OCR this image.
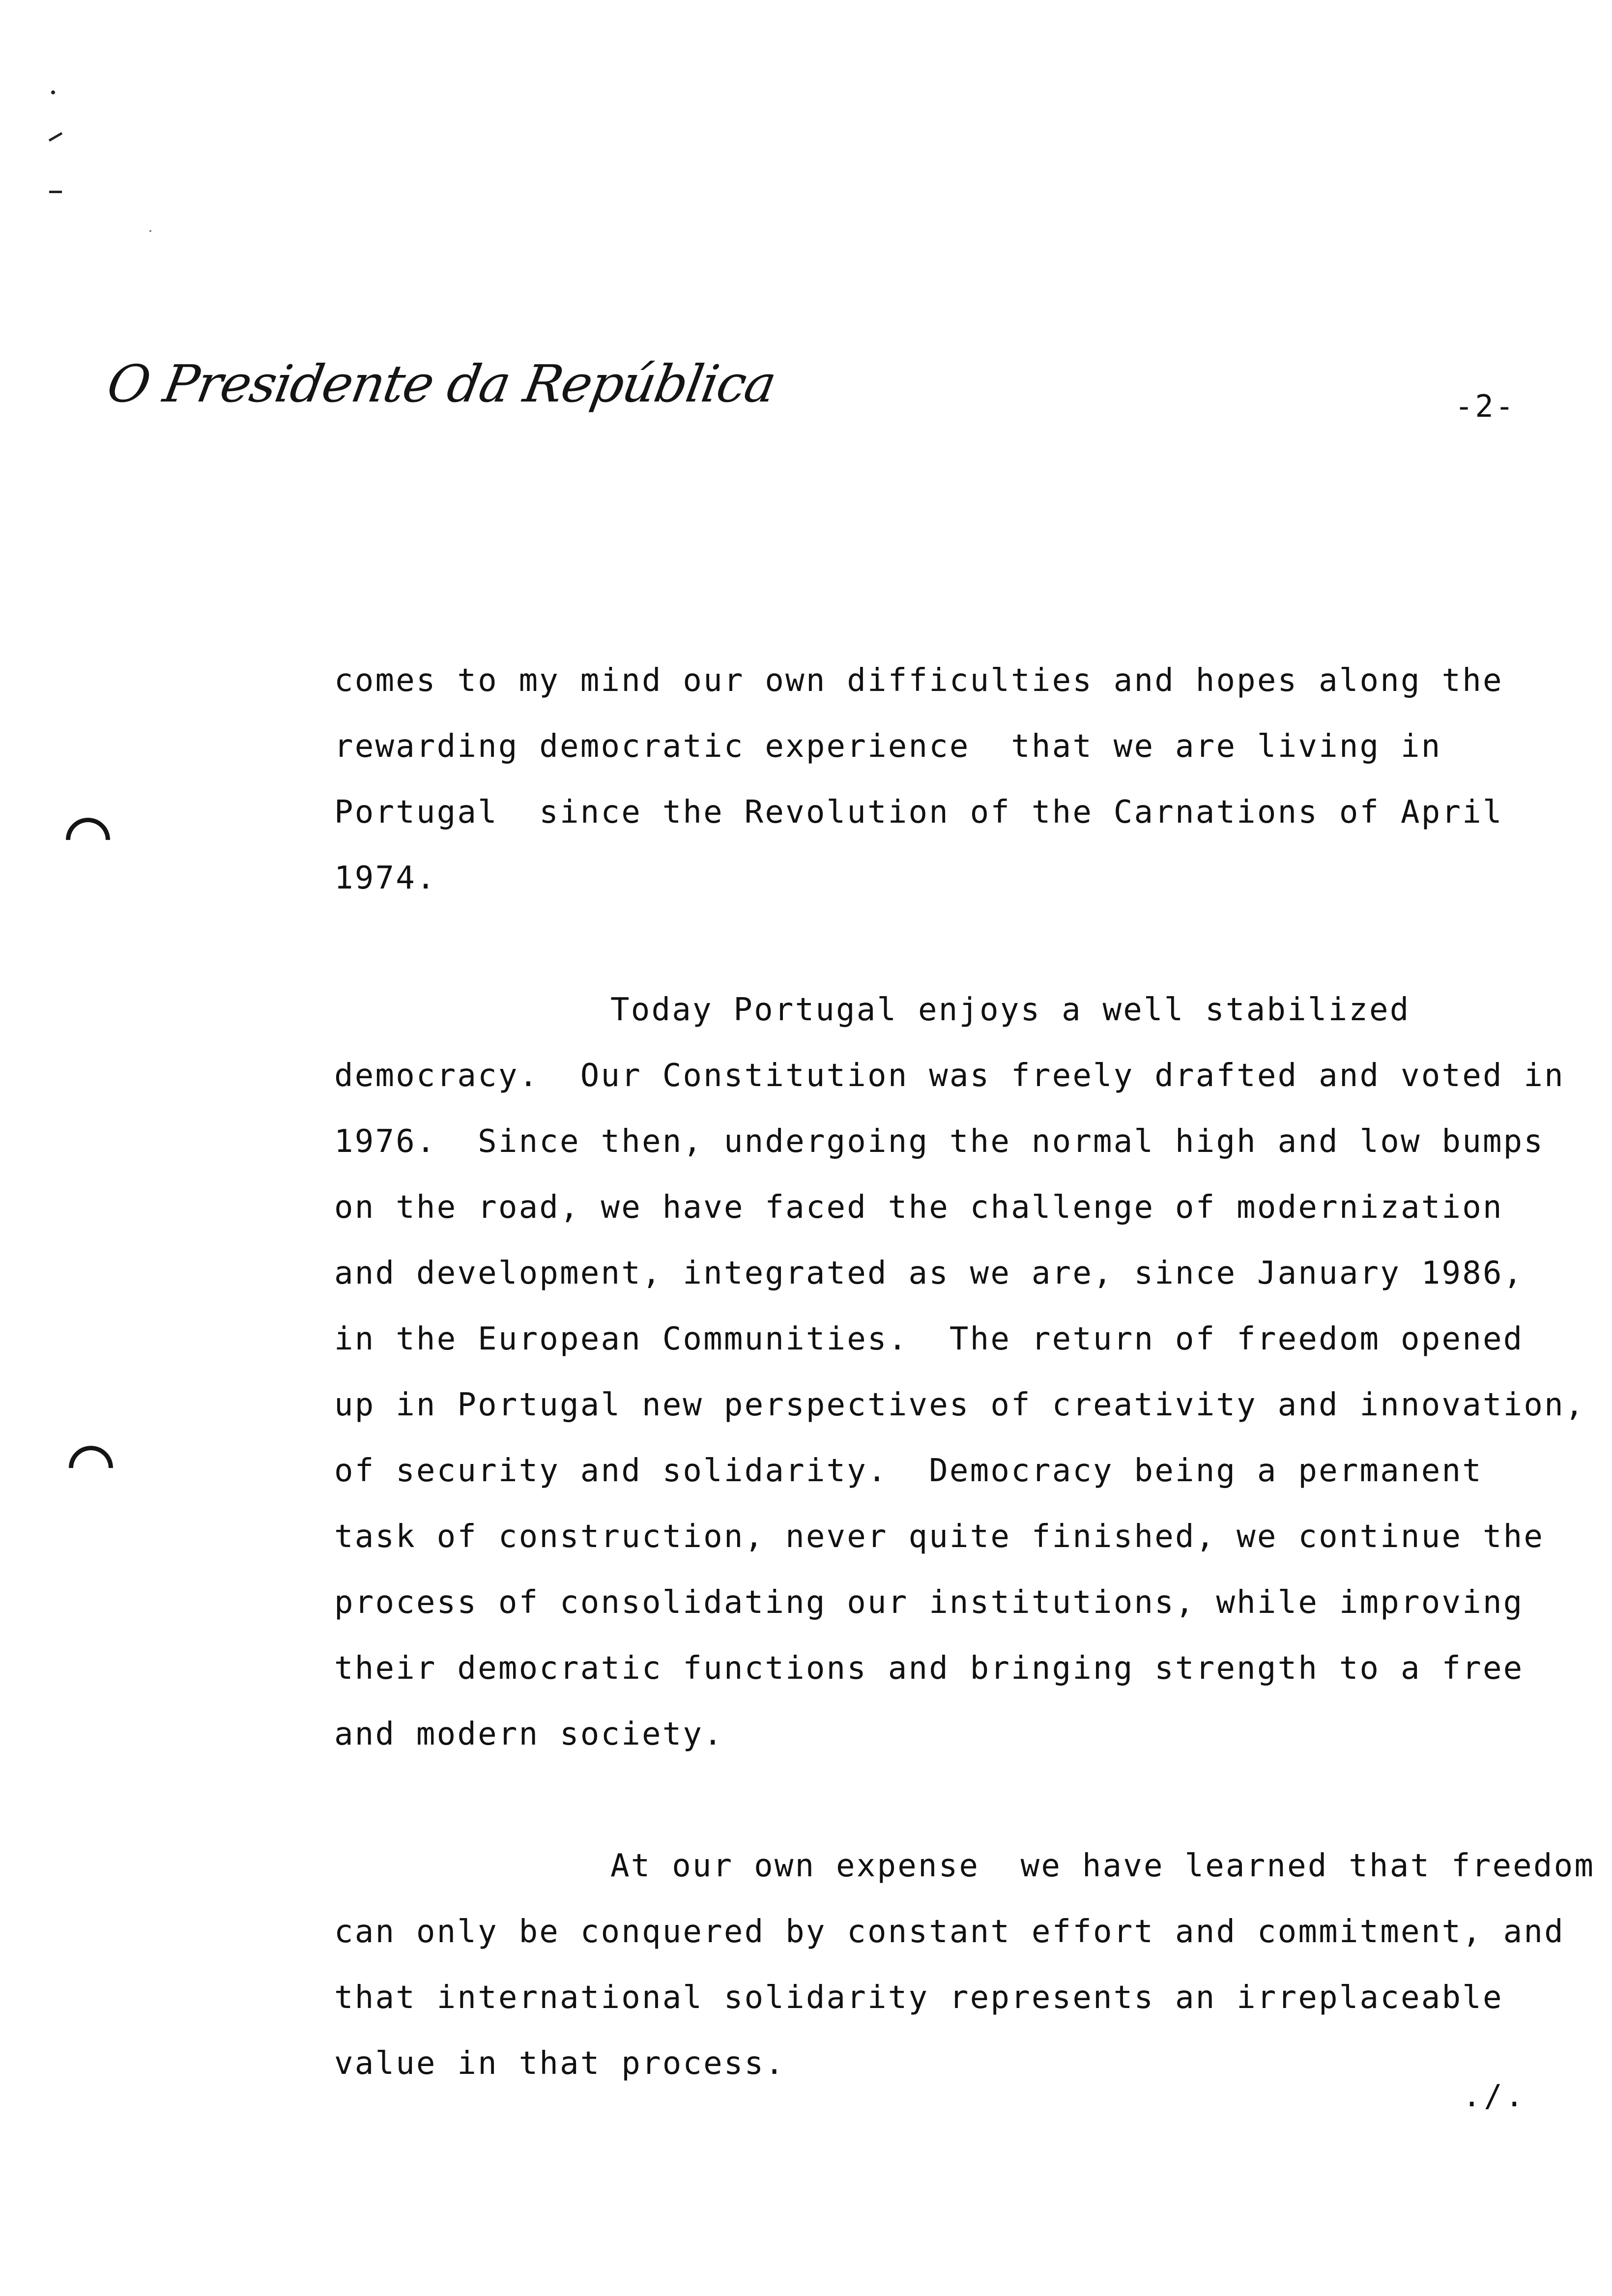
O Presidente da República	-2-
comes to my mind our own difficulties and hopes along the
rewarding democratic experience  that we are living in
Portugal  since the Revolution of the Carnations of April
1974.
Today Portugal enjoys a well stabilized
democracy.  Our Constitution was freely drafted and voted in
1976.  Since then, undergoing the normal high and low bumps
on the road, we have faced the challenge of modernization
and development, integrated as we are, since January 1986,
in the European Communities.  The return of freedom opened
up in Portugal new perspectives of creativity and innovation,
of security and solidarity.  Democracy being a permanent
task of construction, never quite finished, we continue the
process of consolidating our institutions, while improving
their democratic functions and bringing strength to a free
and modern society.
At our own expense  we have learned that freedom
can only be conquered by constant effort and commitment, and
that international solidarity represents an irreplaceable
value in that process.
./.
